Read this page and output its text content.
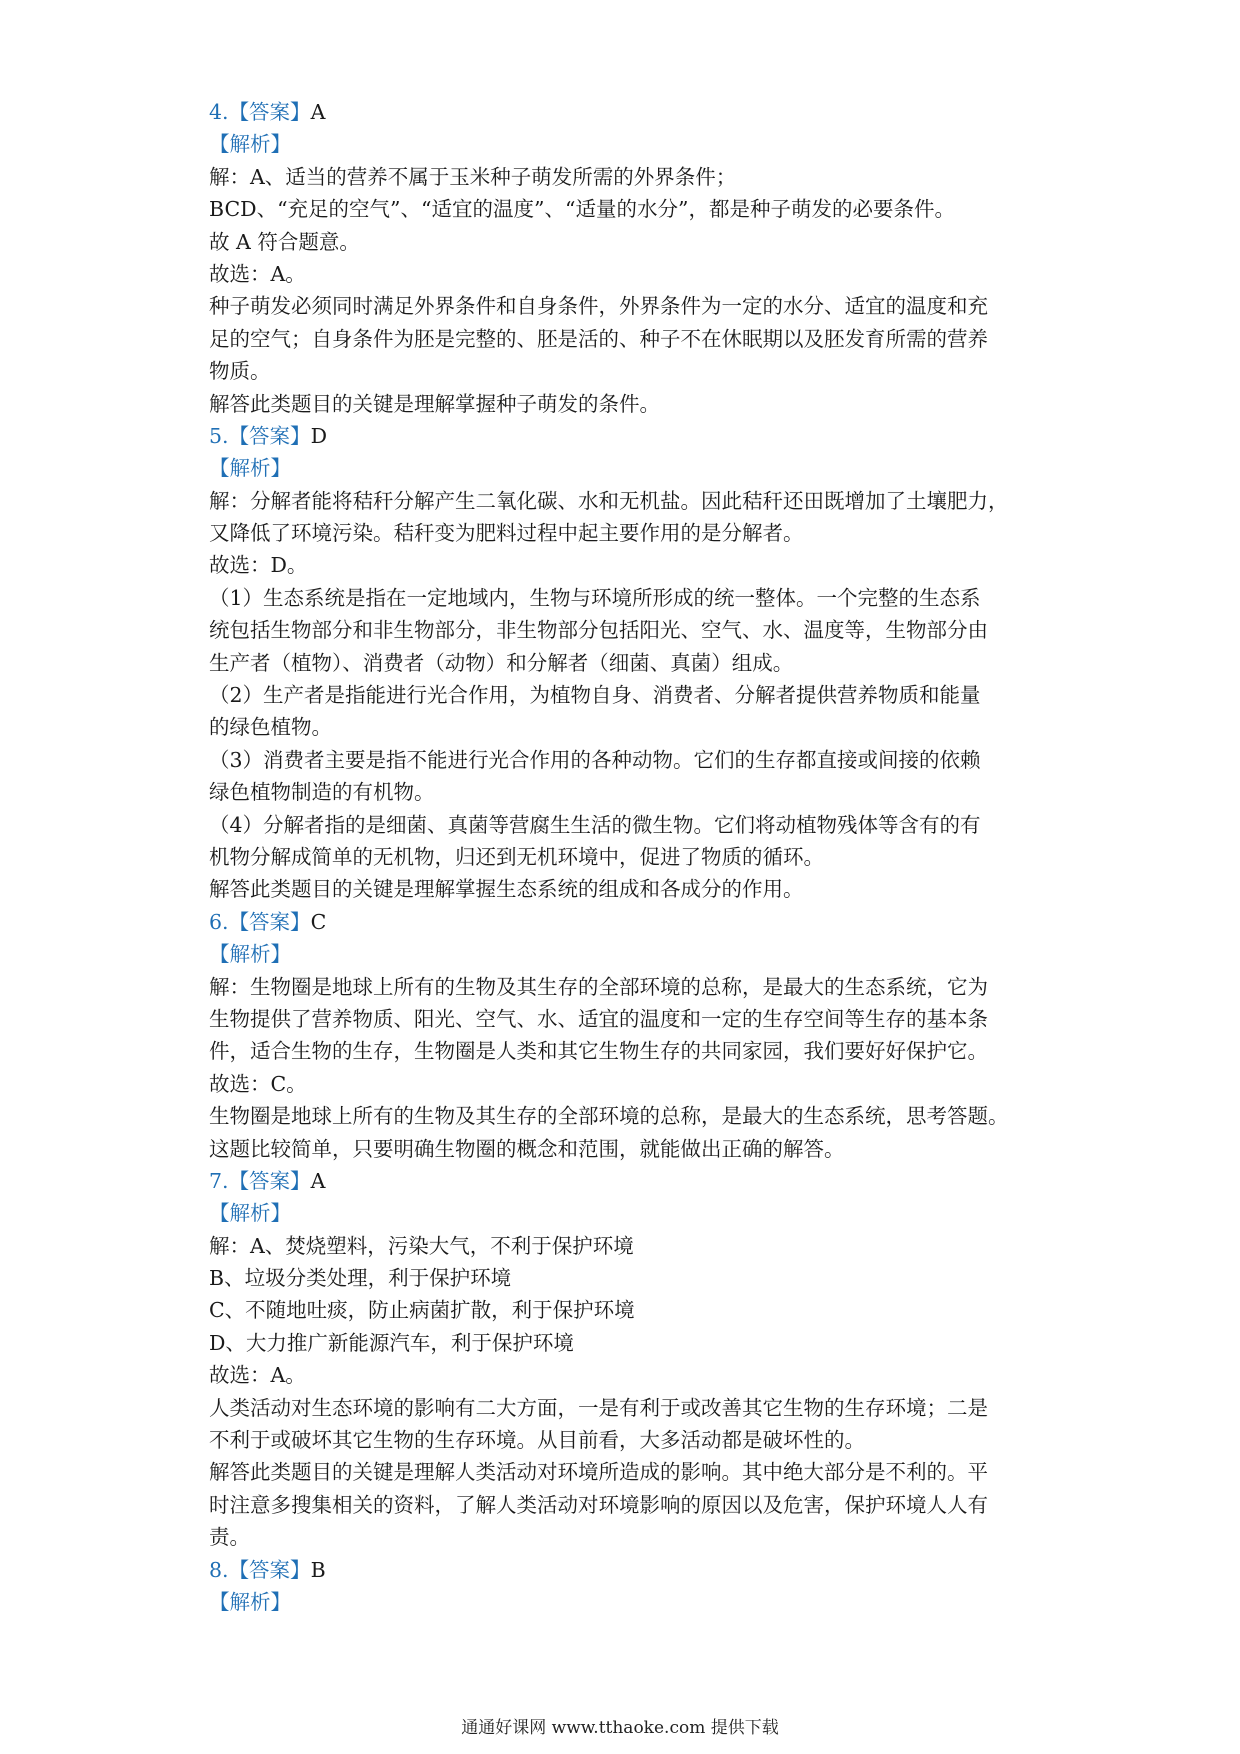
4.【答案】A
【解析】
解：A、适当的营养不属于玉米种子萌发所需的外界条件；
BCD、“充足的空气”、“适宜的温度”、“适量的水分”，都是种子萌发的必要条件。
故 A 符合题意。
故选：A。
种子萌发必须同时满足外界条件和自身条件，外界条件为一定的水分、适宜的温度和充
足的空气；自身条件为胚是完整的、胚是活的、种子不在休眠期以及胚发育所需的营养
物质。
解答此类题目的关键是理解掌握种子萌发的条件。
5.【答案】D
【解析】
解：分解者能将秸秆分解产生二氧化碳、水和无机盐。因此秸秆还田既增加了土壤肥力，
又降低了环境污染。秸秆变为肥料过程中起主要作用的是分解者。
故选：D。
（1）生态系统是指在一定地域内，生物与环境所形成的统一整体。一个完整的生态系
统包括生物部分和非生物部分，非生物部分包括阳光、空气、水、温度等，生物部分由
生产者（植物）、消费者（动物）和分解者（细菌、真菌）组成。
（2）生产者是指能进行光合作用，为植物自身、消费者、分解者提供营养物质和能量
的绿色植物。
（3）消费者主要是指不能进行光合作用的各种动物。它们的生存都直接或间接的依赖
绿色植物制造的有机物。
（4）分解者指的是细菌、真菌等营腐生生活的微生物。它们将动植物残体等含有的有
机物分解成简单的无机物，归还到无机环境中，促进了物质的循环。
解答此类题目的关键是理解掌握生态系统的组成和各成分的作用。
6.【答案】C
【解析】
解：生物圈是地球上所有的生物及其生存的全部环境的总称，是最大的生态系统，它为
生物提供了营养物质、阳光、空气、水、适宜的温度和一定的生存空间等生存的基本条
件，适合生物的生存，生物圈是人类和其它生物生存的共同家园，我们要好好保护它。
故选：C。
生物圈是地球上所有的生物及其生存的全部环境的总称，是最大的生态系统，思考答题。
这题比较简单，只要明确生物圈的概念和范围，就能做出正确的解答。
7.【答案】A
【解析】
解：A、焚烧塑料，污染大气，不利于保护环境
B、垃圾分类处理，利于保护环境
C、不随地吐痰，防止病菌扩散，利于保护环境
D、大力推广新能源汽车，利于保护环境
故选：A。
人类活动对生态环境的影响有二大方面，一是有利于或改善其它生物的生存环境；二是
不利于或破坏其它生物的生存环境。从目前看，大多活动都是破坏性的。
解答此类题目的关键是理解人类活动对环境所造成的影响。其中绝大部分是不利的。平
时注意多搜集相关的资料，了解人类活动对环境影响的原因以及危害，保护环境人人有
责。
8.【答案】B
【解析】
通通好课网 www.tthaoke.com 提供下载
